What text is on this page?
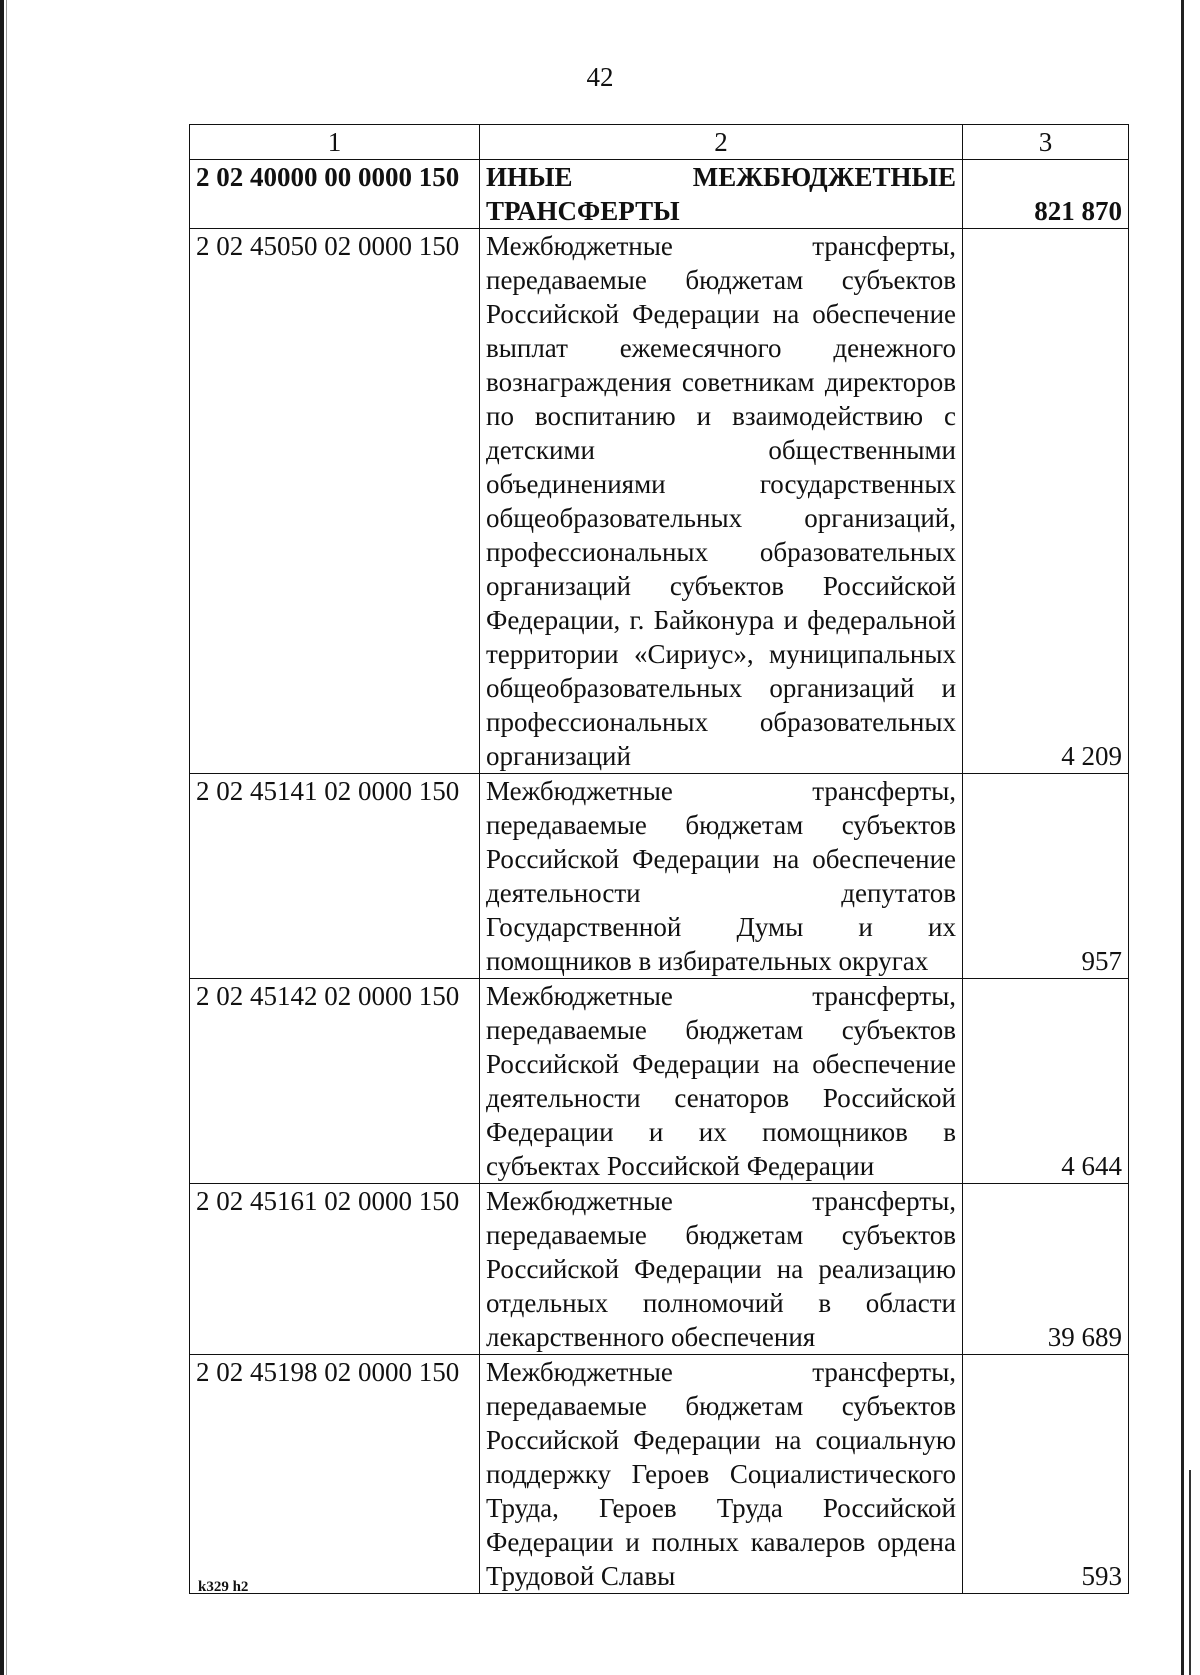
42
1	2	3
2 02 40000 00 0000 150	ИНЫЕ МЕЖБЮДЖЕТНЫЕ ТРАНСФЕРТЫ	821 870
2 02 45050 02 0000 150	Межбюджетные трансферты, передаваемые бюджетам субъектов Российской Федерации на обеспечение выплат ежемесячного денежного вознаграждения советникам директоров по воспитанию и взаимодействию с детскими общественными объединениями государственных общеобразовательных организаций, профессиональных образовательных организаций субъектов Российской Федерации, г. Байконура и федеральной территории «Сириус», муниципальных общеобразовательных организаций и профессиональных образовательных организаций	4 209
2 02 45141 02 0000 150	Межбюджетные трансферты, передаваемые бюджетам субъектов Российской Федерации на обеспечение деятельности депутатов Государственной Думы и их помощников в избирательных округах	957
2 02 45142 02 0000 150	Межбюджетные трансферты, передаваемые бюджетам субъектов Российской Федерации на обеспечение деятельности сенаторов Российской Федерации и их помощников в субъектах Российской Федерации	4 644
2 02 45161 02 0000 150	Межбюджетные трансферты, передаваемые бюджетам субъектов Российской Федерации на реализацию отдельных полномочий в области лекарственного обеспечения	39 689
2 02 45198 02 0000 150	Межбюджетные трансферты, передаваемые бюджетам субъектов Российской Федерации на социальную поддержку Героев Социалистического Труда, Героев Труда Российской Федерации и полных кавалеров ордена Трудовой Славы	593
k329 h2
